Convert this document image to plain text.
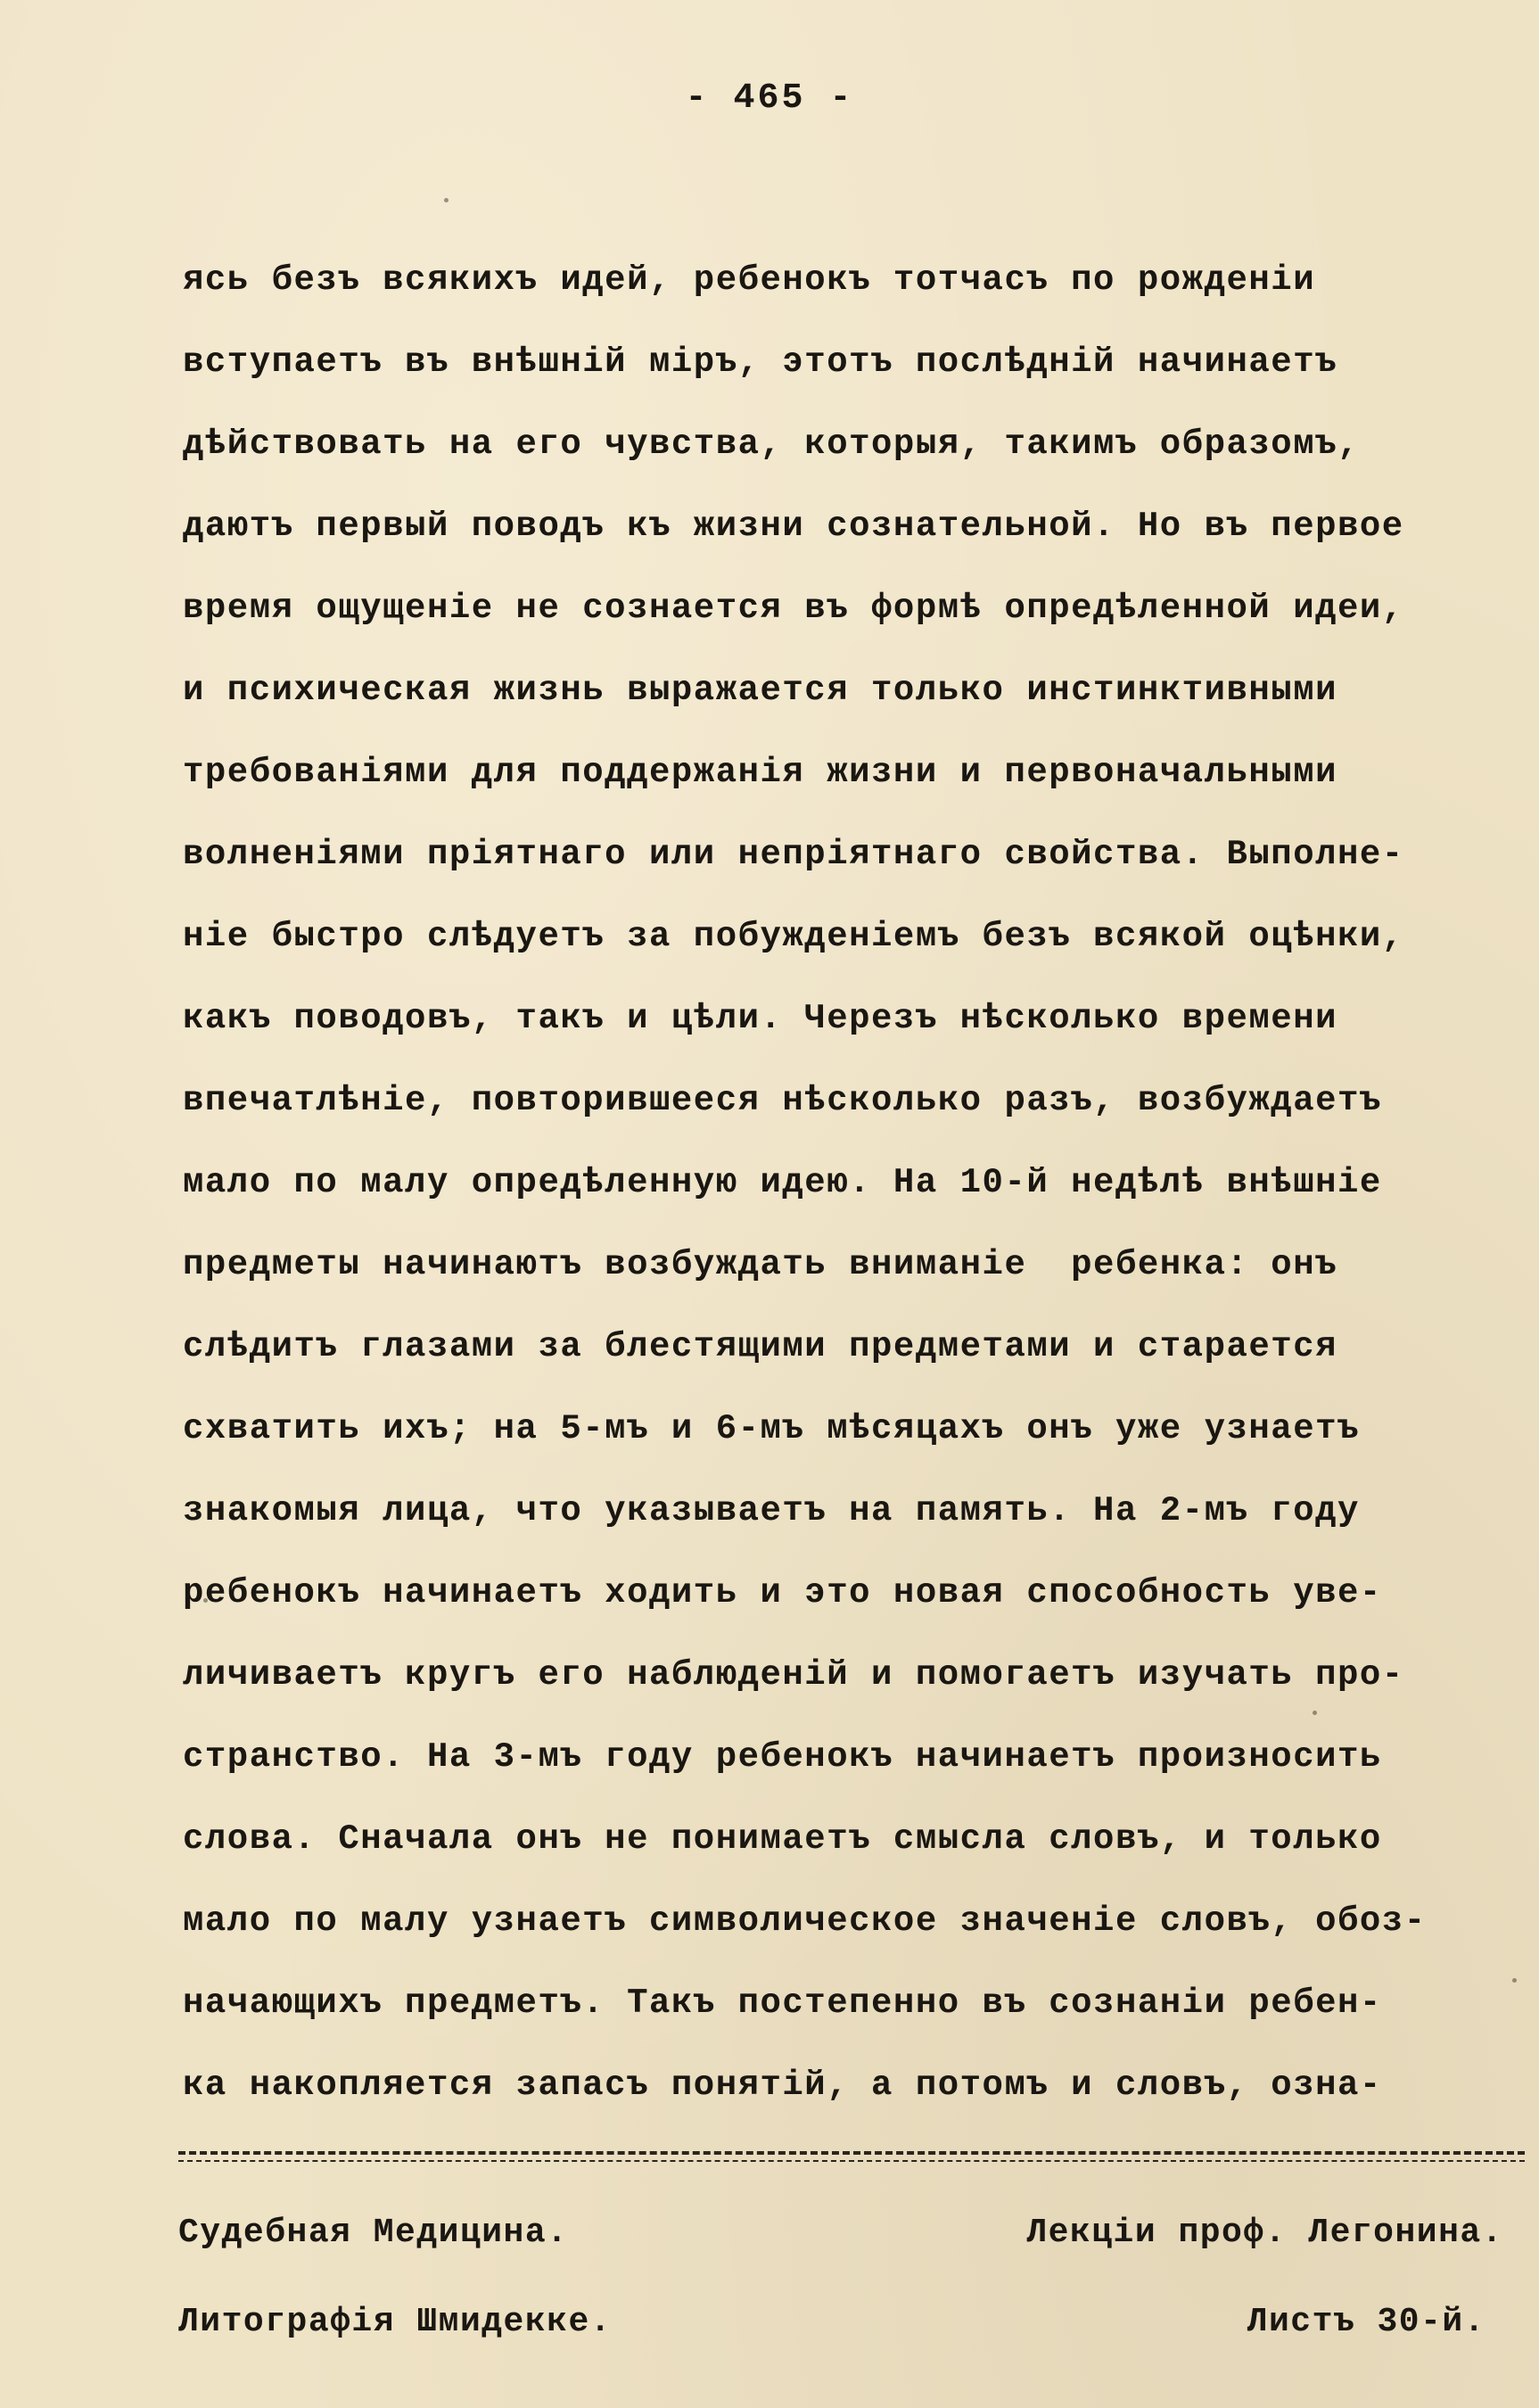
- 465 -
ясь безъ всякихъ идей, ребенокъ тотчасъ по рожденіи
вступаетъ въ внѣшній міръ, этотъ послѣдній начинаетъ
дѣйствовать на его чувства, которыя, такимъ образомъ,
даютъ первый поводъ къ жизни сознательной. Но въ первое
время ощущеніе не сознается въ формѣ опредѣленной идеи,
и психическая жизнь выражается только инстинктивными
требованіями для поддержанія жизни и первоначальными
волненіями пріятнаго или непріятнаго свойства. Выполне-
ніе быстро слѣдуетъ за побужденіемъ безъ всякой оцѣнки,
какъ поводовъ, такъ и цѣли. Черезъ нѣсколько времени
впечатлѣніе, повторившееся нѣсколько разъ, возбуждаетъ
мало по малу опредѣленную идею. На 10-й недѣлѣ внѣшніе
предметы начинаютъ возбуждать вниманіе  ребенка: онъ
слѣдитъ глазами за блестящими предметами и старается
схватить ихъ; на 5-мъ и 6-мъ мѣсяцахъ онъ уже узнаетъ
знакомыя лица, что указываетъ на память. На 2-мъ году
ребенокъ начинаетъ ходить и это новая способность уве-
личиваетъ кругъ его наблюденій и помогаетъ изучать про-
странство. На 3-мъ году ребенокъ начинаетъ произносить
слова. Сначала онъ не понимаетъ смысла словъ, и только
мало по малу узнаетъ символическое значеніе словъ, обоз-
начающихъ предметъ. Такъ постепенно въ сознаніи ребен-
ка накопляется запасъ понятій, а потомъ и словъ, озна-
Судебная Медицина.	Лекціи проф. Легонина.
Литографія Шмидекке.	Листъ 30-й.
